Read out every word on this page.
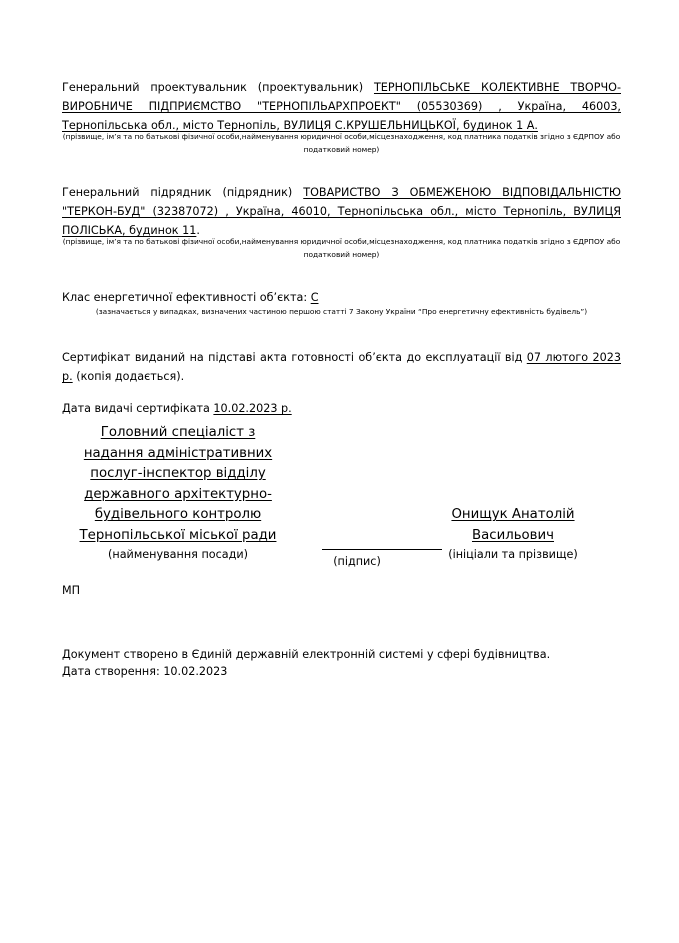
Генеральний проектувальник (проектувальник) ТЕРНОПІЛЬСЬКЕ КОЛЕКТИВНЕ ТВОРЧО-ВИРОБНИЧЕ ПІДПРИЄМСТВО "ТЕРНОПІЛЬАРХПРОЕКТ" (05530369) , Україна, 46003, Тернопільська обл., місто Тернопіль, ВУЛИЦЯ С.КРУШЕЛЬНИЦЬКОЇ, будинок 1 А.
(прізвище, ім’я та по батькові фізичної особи,найменування юридичної особи,місцезнаходження, код платника податків згідно з ЄДРПОУ або податковий номер)
Генеральний підрядник (підрядник) ТОВАРИСТВО З ОБМЕЖЕНОЮ ВІДПОВІДАЛЬНІСТЮ "ТЕРКОН-БУД" (32387072) , Україна, 46010, Тернопільська обл., місто Тернопіль, ВУЛИЦЯ ПОЛІСЬКА, будинок 11.
(прізвище, ім’я та по батькові фізичної особи,найменування юридичної особи,місцезнаходження, код платника податків згідно з ЄДРПОУ або податковий номер)
Клас енергетичної ефективності об’єкта: С
(зазначається у випадках, визначених частиною першою статті 7 Закону України “Про енергетичну ефективність будівель”)
Сертифікат виданий на підставі акта готовності об’єкта до експлуатації від 07 лютого 2023 р. (копія додається).
Дата видачі сертифіката 10.02.2023 р.
Головний спеціаліст з
надання адміністративних
послуг-інспектор відділу
державного архітектурно-
будівельного контролю
Тернопільської міської ради
(найменування посади)
(підпис)
Онищук Анатолій
Васильович
(ініціали та прізвище)
МП
Документ створено в Єдиній державній електронній системі у сфері будівництва.
Дата створення: 10.02.2023
